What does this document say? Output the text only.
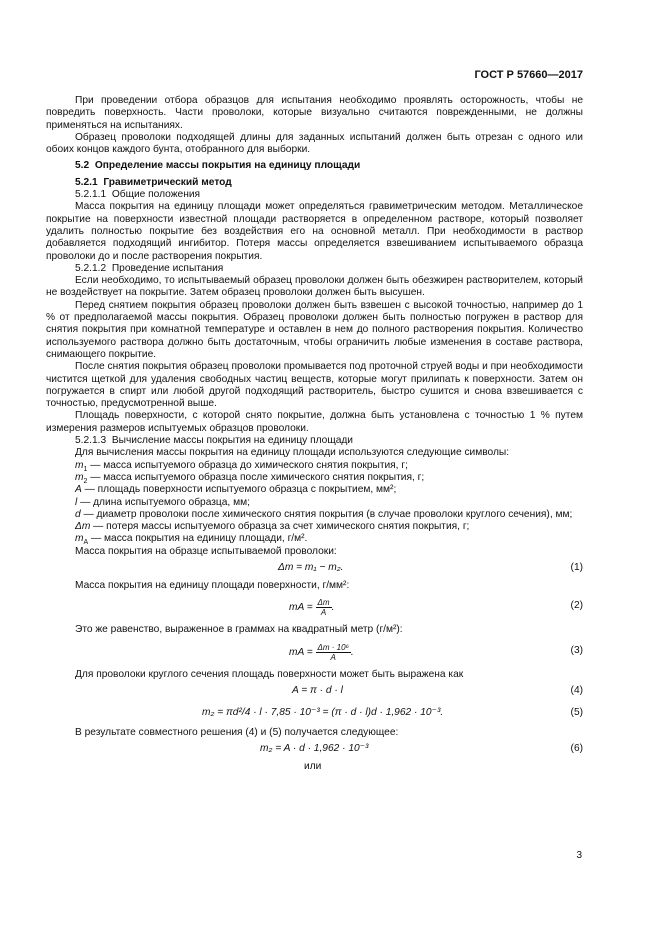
ГОСТ Р 57660—2017

При проведении отбора образцов для испытания необходимо проявлять осторожность, чтобы не повредить поверхность. Части проволоки, которые визуально считаются поврежденными, не должны применяться на испытаниях.

Образец проволоки подходящей длины для заданных испытаний должен быть отрезан с одного или обоих концов каждого бунта, отобранного для выборки.

5.2 Определение массы покрытия на единицу площади

5.2.1 Гравиметрический метод

5.2.1.1 Общие положения

Масса покрытия на единицу площади может определяться гравиметрическим методом. Металлическое покрытие на поверхности известной площади растворяется в определенном растворе, который позволяет удалить полностью покрытие без воздействия его на основной металл. При необходимости в раствор добавляется подходящий ингибитор. Потеря массы определяется взвешиванием испытываемого образца проволоки до и после растворения покрытия.

5.2.1.2 Проведение испытания

Если необходимо, то испытываемый образец проволоки должен быть обезжирен растворителем, который не воздействует на покрытие. Затем образец проволоки должен быть высушен.

Перед снятием покрытия образец проволоки должен быть взвешен с высокой точностью, например до 1 % от предполагаемой массы покрытия. Образец проволоки должен быть полностью погружен в раствор для снятия покрытия при комнатной температуре и оставлен в нем до полного растворения покрытия. Количество используемого раствора должно быть достаточным, чтобы ограничить любые изменения в составе раствора, снимающего покрытие.

После снятия покрытия образец проволоки промывается под проточной струей воды и при необходимости чистится щеткой для удаления свободных частиц веществ, которые могут прилипать к поверхности. Затем он погружается в спирт или любой другой подходящий растворитель, быстро сушится и снова взвешивается с точностью, предусмотренной выше.

Площадь поверхности, с которой снято покрытие, должна быть установлена с точностью 1 % путем измерения размеров испытуемых образцов проволоки.

5.2.1.3 Вычисление массы покрытия на единицу площади

Для вычисления массы покрытия на единицу площади используются следующие символы:

$m_1$ — масса испытуемого образца до химического снятия покрытия, г;

$m_2$ — масса испытуемого образца после химического снятия покрытия, г;

A — площадь поверхности испытуемого образца с покрытием, мм²;

l — длина испытуемого образца, мм;

d — диаметр проволоки после химического снятия покрытия (в случае проволоки круглого сечения), мм;

Δm — потеря массы испытуемого образца за счет химического снятия покрытия, г;

$m_A$ — масса покрытия на единицу площади, г/м².

Масса покрытия на образце испытываемой проволоки:

Δm = m₁ − m₂.	(1)

Масса покрытия на единицу площади поверхности, г/мм²:

mA = $\frac{\Delta m}{A}$ .	(2)

Это же равенство, выраженное в граммах на квадратный метр (г/м²):

mA = $\frac{\text{Δm · 10⁶}}{A}$ .	(3)

Для проволоки круглого сечения площадь поверхности может быть выражена как

A = π · d · l	(4)
m₂ = πd²/4 · l · 7,85 · 10⁻³ = (π · d · l)d · 1,962 · 10⁻³.	(5)

В результате совместного решения (4) и (5) получается следующее:

m₂ = A · d · 1,962 · 10⁻³	(6)

или

3
